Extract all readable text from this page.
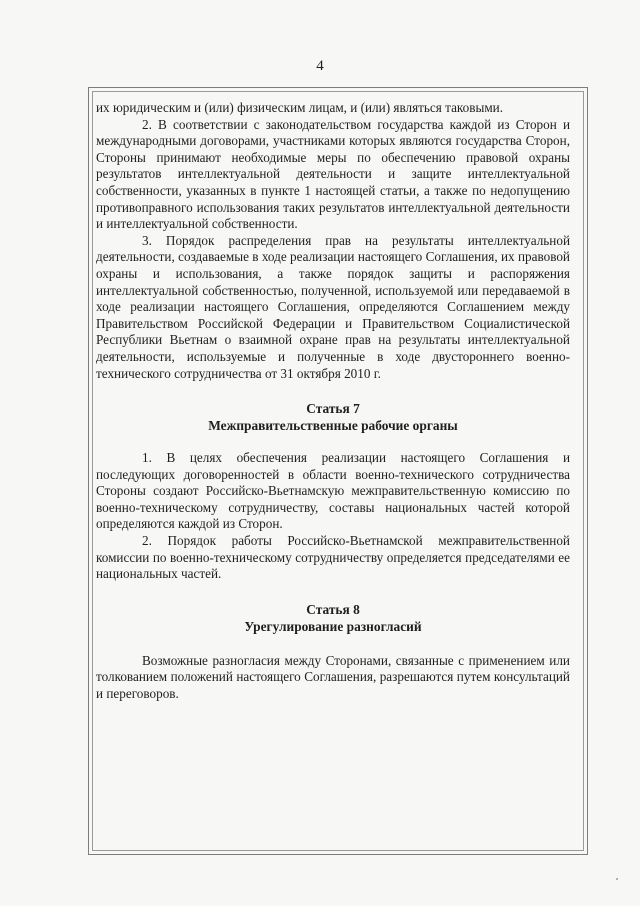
4

их юридическим и (или) физическим лицам, и (или) являться таковыми.

2. В соответствии с законодательством государства каждой из Сторон и международными договорами, участниками которых являются государства Сторон, Стороны принимают необходимые меры по обеспечению правовой охраны результатов интеллектуальной деятельности и защите интеллектуальной собственности, указанных в пункте 1 настоящей статьи, а также по недопущению противоправного использования таких результатов интеллектуальной деятельности и интеллектуальной собственности.

3. Порядок распределения прав на результаты интеллектуальной деятельности, создаваемые в ходе реализации настоящего Соглашения, их правовой охраны и использования, а также порядок защиты и распоряжения интеллектуальной собственностью, полученной, используемой или передаваемой в ходе реализации настоящего Соглашения, определяются Соглашением между Правительством Российской Федерации и Правительством Социалистической Республики Вьетнам о взаимной охране прав на результаты интеллектуальной деятельности, используемые и полученные в ходе двустороннего военно-технического сотрудничества от 31 октября 2010 г.

Статья 7
Межправительственные рабочие органы

1. В целях обеспечения реализации настоящего Соглашения и последующих договоренностей в области военно-технического сотрудничества Стороны создают Российско-Вьетнамскую межправительственную комиссию по военно-техническому сотрудничеству, составы национальных частей которой определяются каждой из Сторон.

2. Порядок работы Российско-Вьетнамской межправительственной комиссии по военно-техническому сотрудничеству определяется председателями ее национальных частей.

Статья 8
Урегулирование разногласий

Возможные разногласия между Сторонами, связанные с применением или толкованием положений настоящего Соглашения, разрешаются путем консультаций и переговоров.
